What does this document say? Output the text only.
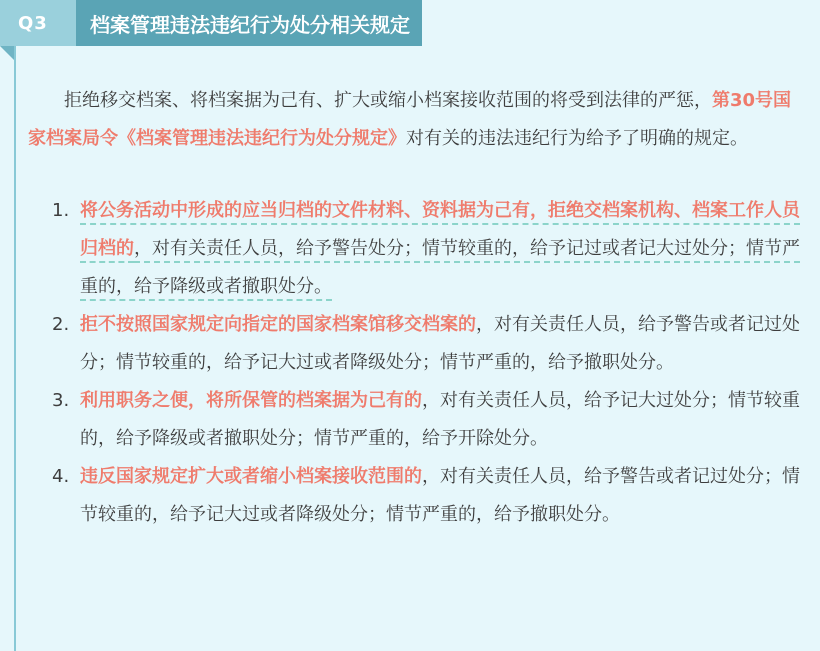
Q3	档案管理违法违纪行为处分相关规定

拒绝移交档案、将档案据为己有、扩大或缩小档案接收范围的将受到法律的严惩，第30号国家档案局令《档案管理违法违纪行为处分规定》对有关的违法违纪行为给予了明确的规定。

1. 将公务活动中形成的应当归档的文件材料、资料据为己有，拒绝交档案机构、档案工作人员归档的，对有关责任人员，给予警告处分；情节较重的，给予记过或者记大过处分；情节严重的，给予降级或者撤职处分。
2. 拒不按照国家规定向指定的国家档案馆移交档案的，对有关责任人员，给予警告或者记过处分；情节较重的，给予记大过或者降级处分；情节严重的，给予撤职处分。
3. 利用职务之便，将所保管的档案据为己有的，对有关责任人员，给予记大过处分；情节较重的，给予降级或者撤职处分；情节严重的，给予开除处分。
4. 违反国家规定扩大或者缩小档案接收范围的，对有关责任人员，给予警告或者记过处分；情节较重的，给予记大过或者降级处分；情节严重的，给予撤职处分。
